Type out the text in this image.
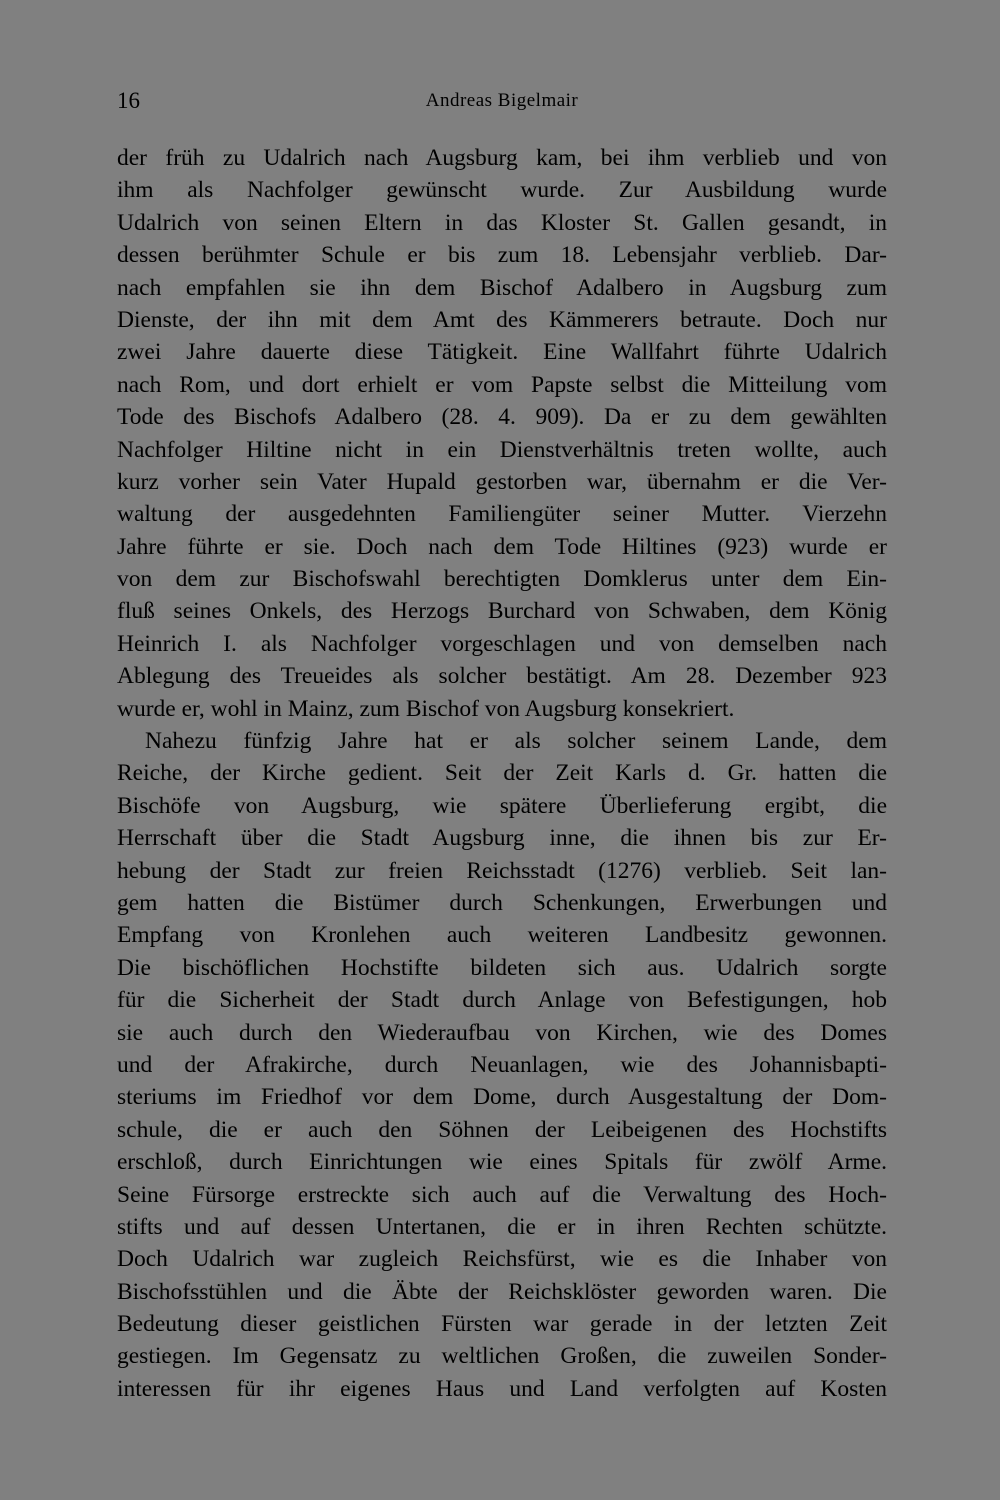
16	Andreas Bigelmair
der früh zu Udalrich nach Augsburg kam, bei ihm verblieb und von
ihm als Nachfolger gewünscht wurde. Zur Ausbildung wurde
Udalrich von seinen Eltern in das Kloster St. Gallen gesandt, in
dessen berühmter Schule er bis zum 18. Lebensjahr verblieb. Dar-
nach empfahlen sie ihn dem Bischof Adalbero in Augsburg zum
Dienste, der ihn mit dem Amt des Kämmerers betraute. Doch nur
zwei Jahre dauerte diese Tätigkeit. Eine Wallfahrt führte Udalrich
nach Rom, und dort erhielt er vom Papste selbst die Mitteilung vom
Tode des Bischofs Adalbero (28. 4. 909). Da er zu dem gewählten
Nachfolger Hiltine nicht in ein Dienstverhältnis treten wollte, auch
kurz vorher sein Vater Hupald gestorben war, übernahm er die Ver-
waltung der ausgedehnten Familiengüter seiner Mutter. Vierzehn
Jahre führte er sie. Doch nach dem Tode Hiltines (923) wurde er
von dem zur Bischofswahl berechtigten Domklerus unter dem Ein-
fluß seines Onkels, des Herzogs Burchard von Schwaben, dem König
Heinrich I. als Nachfolger vorgeschlagen und von demselben nach
Ablegung des Treueides als solcher bestätigt. Am 28. Dezember 923
wurde er, wohl in Mainz, zum Bischof von Augsburg konsekriert.
Nahezu fünfzig Jahre hat er als solcher seinem Lande, dem
Reiche, der Kirche gedient. Seit der Zeit Karls d. Gr. hatten die
Bischöfe von Augsburg, wie spätere Überlieferung ergibt, die
Herrschaft über die Stadt Augsburg inne, die ihnen bis zur Er-
hebung der Stadt zur freien Reichsstadt (1276) verblieb. Seit lan-
gem hatten die Bistümer durch Schenkungen, Erwerbungen und
Empfang von Kronlehen auch weiteren Landbesitz gewonnen.
Die bischöflichen Hochstifte bildeten sich aus. Udalrich sorgte
für die Sicherheit der Stadt durch Anlage von Befestigungen, hob
sie auch durch den Wiederaufbau von Kirchen, wie des Domes
und der Afrakirche, durch Neuanlagen, wie des Johannisbapti-
steriums im Friedhof vor dem Dome, durch Ausgestaltung der Dom-
schule, die er auch den Söhnen der Leibeigenen des Hochstifts
erschloß, durch Einrichtungen wie eines Spitals für zwölf Arme.
Seine Fürsorge erstreckte sich auch auf die Verwaltung des Hoch-
stifts und auf dessen Untertanen, die er in ihren Rechten schützte.
Doch Udalrich war zugleich Reichsfürst, wie es die Inhaber von
Bischofsstühlen und die Äbte der Reichsklöster geworden waren. Die
Bedeutung dieser geistlichen Fürsten war gerade in der letzten Zeit
gestiegen. Im Gegensatz zu weltlichen Großen, die zuweilen Sonder-
interessen für ihr eigenes Haus und Land verfolgten auf Kosten
